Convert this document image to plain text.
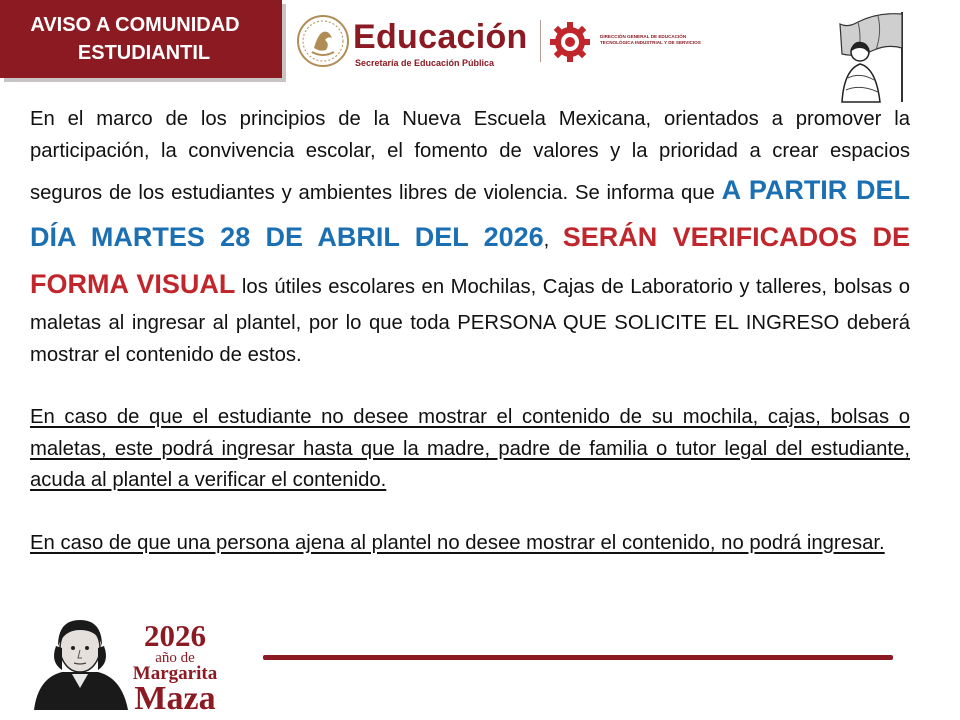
AVISO A COMUNIDAD
ESTUDIANTIL	Educación
Secretaría de Educación Pública
DIRECCIÓN GENERAL DE EDUCACIÓN TECNOLÓGICA INDUSTRIAL Y DE SERVICIOS

En el marco de los principios de la Nueva Escuela Mexicana, orientados a promover la participación, la convivencia escolar, el fomento de valores y la prioridad a crear espacios seguros de los estudiantes y ambientes libres de violencia. Se informa que A PARTIR DEL DÍA MARTES 28 DE ABRIL DEL 2026, SERÁN VERIFICADOS DE FORMA VISUAL los útiles escolares en Mochilas, Cajas de Laboratorio y talleres, bolsas o maletas al ingresar al plantel, por lo que toda PERSONA QUE SOLICITE EL INGRESO deberá mostrar el contenido de estos.

En caso de que el estudiante no desee mostrar el contenido de su mochila, cajas, bolsas o maletas, este podrá ingresar hasta que la madre, padre de familia o tutor legal del estudiante, acuda al plantel a verificar el contenido.

En caso de que una persona ajena al plantel no desee mostrar el contenido, no podrá ingresar.

2026
año de
Margarita
Maza
